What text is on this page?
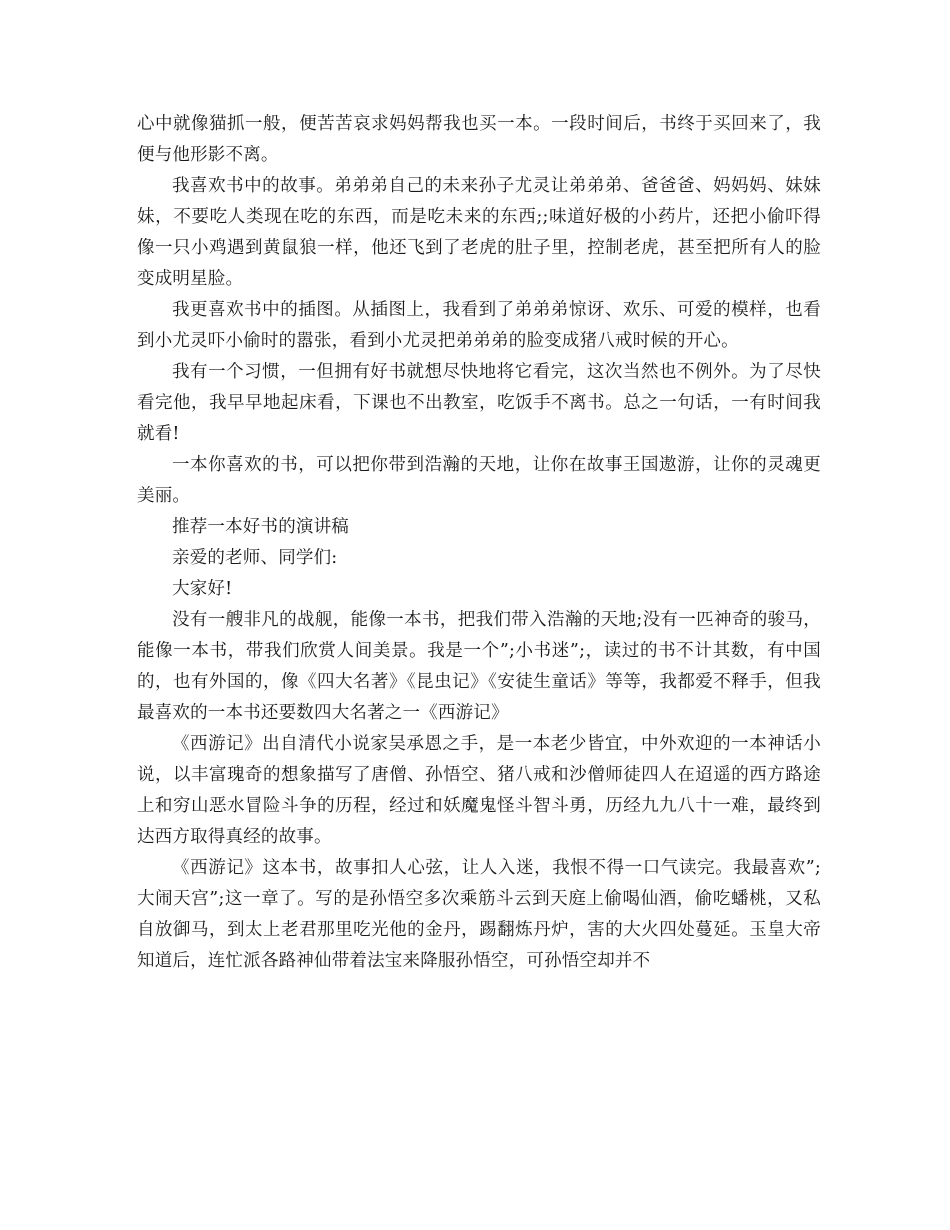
心中就像猫抓一般，便苦苦哀求妈妈帮我也买一本。一段时间后，书终于买回来了，我便与他形影不离。

我喜欢书中的故事。弟弟弟自己的未来孙子尤灵让弟弟弟、爸爸爸、妈妈妈、妹妹妹，不要吃人类现在吃的东西，而是吃未来的东西;;味道好极的小药片，还把小偷吓得像一只小鸡遇到黄鼠狼一样，他还飞到了老虎的肚子里，控制老虎，甚至把所有人的脸变成明星脸。

我更喜欢书中的插图。从插图上，我看到了弟弟弟惊讶、欢乐、可爱的模样，也看到小尤灵吓小偷时的嚣张，看到小尤灵把弟弟弟的脸变成猪八戒时候的开心。

我有一个习惯，一但拥有好书就想尽快地将它看完，这次当然也不例外。为了尽快看完他，我早早地起床看，下课也不出教室，吃饭手不离书。总之一句话，一有时间我就看!

一本你喜欢的书，可以把你带到浩瀚的天地，让你在故事王国遨游，让你的灵魂更美丽。

推荐一本好书的演讲稿

亲爱的老师、同学们:

大家好!

没有一艘非凡的战舰，能像一本书，把我们带入浩瀚的天地;没有一匹神奇的骏马，能像一本书，带我们欣赏人间美景。我是一个”;小书迷”;，读过的书不计其数，有中国的，也有外国的，像《四大名著》《昆虫记》《安徒生童话》等等，我都爱不释手，但我最喜欢的一本书还要数四大名著之一《西游记》

《西游记》出自清代小说家吴承恩之手，是一本老少皆宜，中外欢迎的一本神话小说，以丰富瑰奇的想象描写了唐僧、孙悟空、猪八戒和沙僧师徒四人在迢遥的西方路途上和穷山恶水冒险斗争的历程，经过和妖魔鬼怪斗智斗勇，历经九九八十一难，最终到达西方取得真经的故事。

《西游记》这本书，故事扣人心弦，让人入迷，我恨不得一口气读完。我最喜欢”;大闹天宫”;这一章了。写的是孙悟空多次乘筋斗云到天庭上偷喝仙酒，偷吃蟠桃，又私自放御马，到太上老君那里吃光他的金丹，踢翻炼丹炉，害的大火四处蔓延。玉皇大帝知道后，连忙派各路神仙带着法宝来降服孙悟空，可孙悟空却并不
